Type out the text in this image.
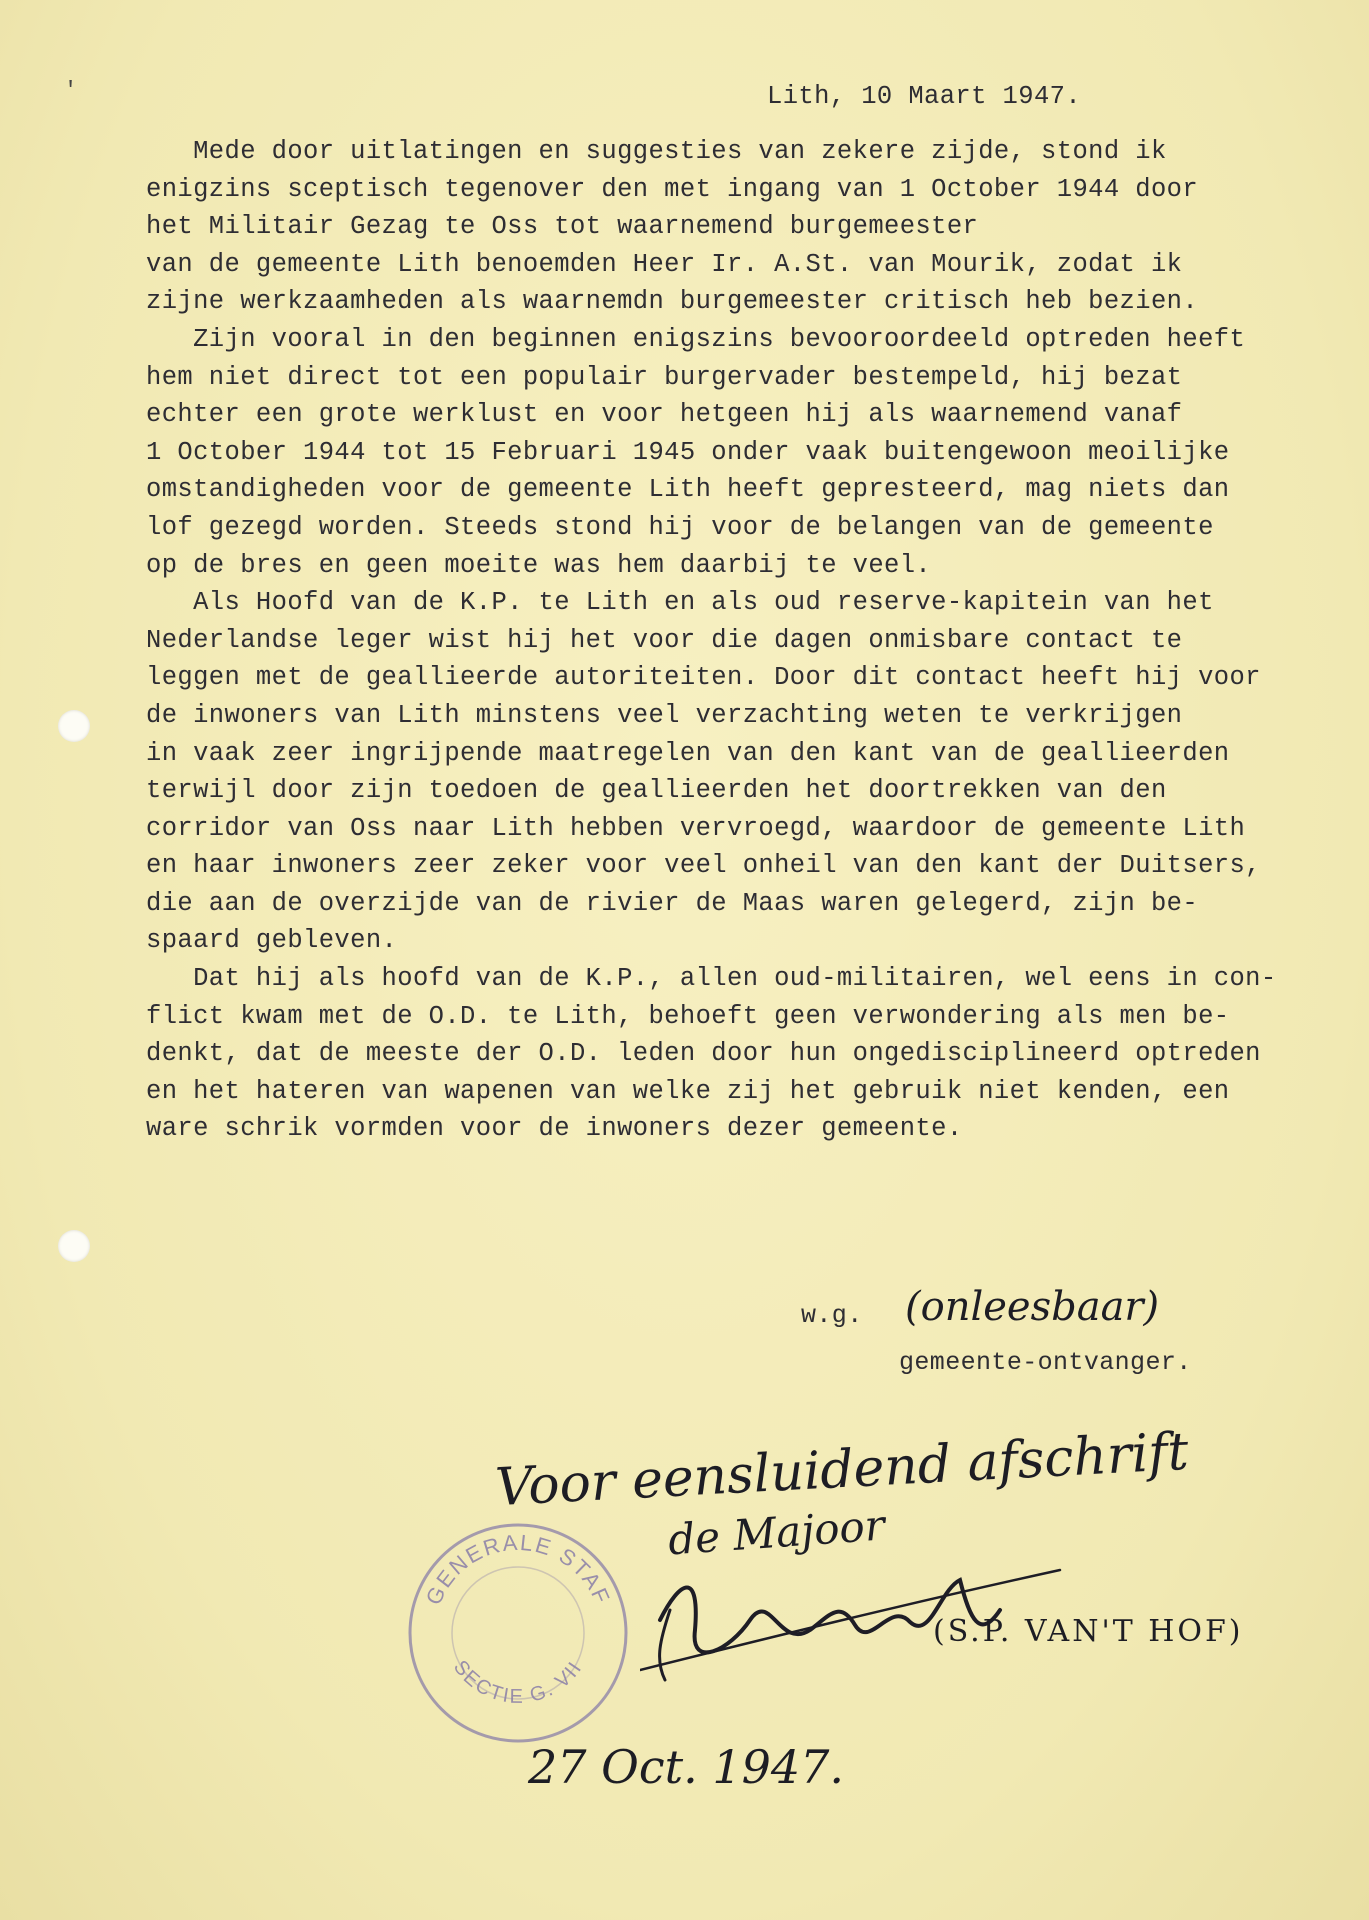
'	Lith, 10 Maart 1947.

Mede door uitlatingen en suggesties van zekere zijde, stond ik
enigzins sceptisch tegenover den met ingang van 1 October 1944 door
het Militair Gezag te Oss tot waarnemend burgemeester
van de gemeente Lith benoemden Heer Ir. A.St. van Mourik, zodat ik
zijne werkzaamheden als waarnemdn burgemeester critisch heb bezien.
Zijn vooral in den beginnen enigszins bevooroordeeld optreden heeft
hem niet direct tot een populair burgervader bestempeld, hij bezat
echter een grote werklust en voor hetgeen hij als waarnemend vanaf
1 October 1944 tot 15 Februari 1945 onder vaak buitengewoon meoilijke
omstandigheden voor de gemeente Lith heeft gepresteerd, mag niets dan
lof gezegd worden. Steeds stond hij voor de belangen van de gemeente
op de bres en geen moeite was hem daarbij te veel.
Als Hoofd van de K.P. te Lith en als oud reserve-kapitein van het
Nederlandse leger wist hij het voor die dagen onmisbare contact te
leggen met de geallieerde autoriteiten. Door dit contact heeft hij voor
de inwoners van Lith minstens veel verzachting weten te verkrijgen
in vaak zeer ingrijpende maatregelen van den kant van de geallieerden
terwijl door zijn toedoen de geallieerden het doortrekken van den
corridor van Oss naar Lith hebben vervroegd, waardoor de gemeente Lith
en haar inwoners zeer zeker voor veel onheil van den kant der Duitsers,
die aan de overzijde van de rivier de Maas waren gelegerd, zijn be-
spaard gebleven.
Dat hij als hoofd van de K.P., allen oud-militairen, wel eens in con-
flict kwam met de O.D. te Lith, behoeft geen verwondering als men be-
denkt, dat de meeste der O.D. leden door hun ongedisciplineerd optreden
en het hateren van wapenen van welke zij het gebruik niet kenden, een
ware schrik vormden voor de inwoners dezer gemeente.

w.g. (onleesbaar)

gemeente-ontvanger.

Voor eensluidend afschrift
de Majoor
GENERALE STAF
SECTIE G. VII
(S.P. VAN'T HOF)
27 Oct. 1947.
